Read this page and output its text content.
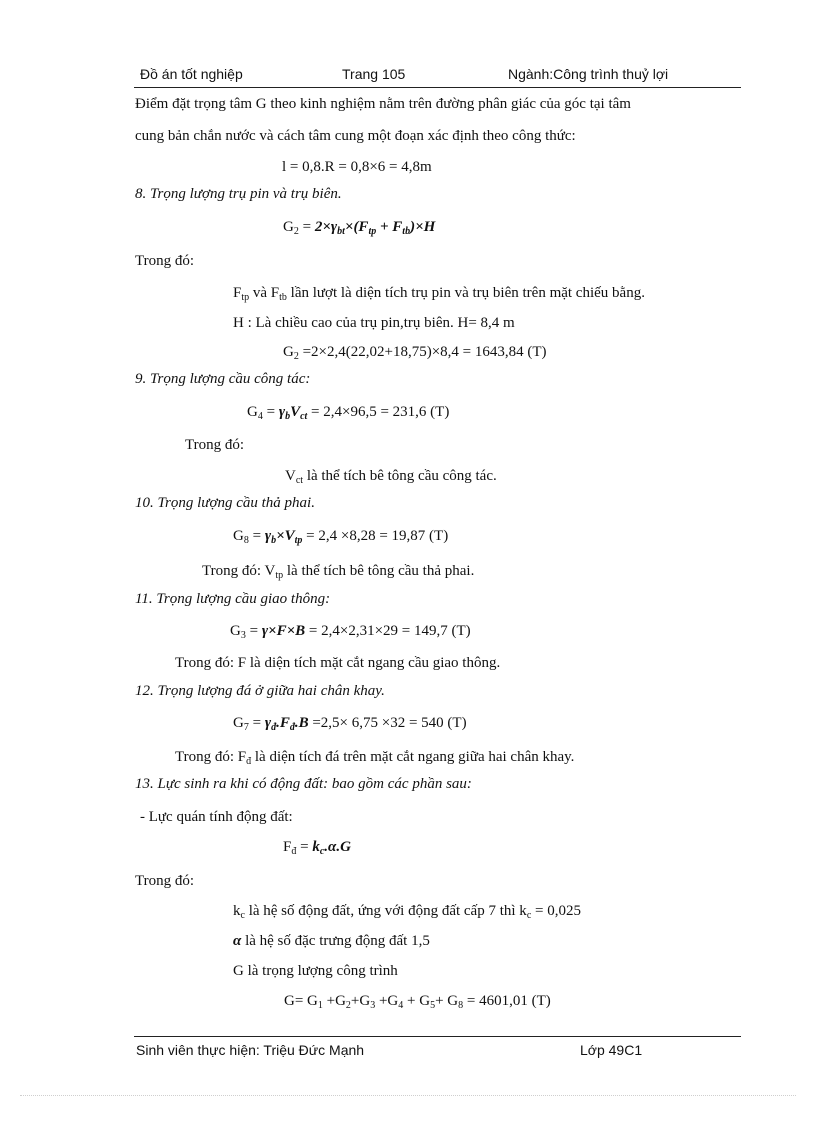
Đồ án tốt nghiệp	Trang 105	Ngành:Công trình thuỷ lợi
Điểm đặt trọng tâm G theo kinh nghiệm nằm trên đường phân giác của góc tại tâm
cung bản chắn nước và cách tâm cung một đoạn xác định theo công thức:
l = 0,8.R = 0,8×6 = 4,8m
8. Trọng lượng trụ pin và trụ biên.
$G_2 = 2\times\gamma_{bt}\times(F_{tp} + F_{tb})\times H$
Trong đó:
$F_{tp}$ và $F_{tb}$ lần lượt là diện tích trụ pin và trụ biên trên mặt chiếu bằng.
H : Là chiều cao của trụ pin,trụ biên. H= 8,4 m
$G_2 =2\times 2,4(22,02+18,75)\times 8,4 = 1643,84$ (T)
9. Trọng lượng cầu công tác:
$G_4 = \gamma_bV_{ct} = 2,4\times 96,5 = 231,6$ (T)
Trong đó:
$V_{ct}$ là thể tích bê tông cầu công tác.
10. Trọng lượng cầu thả phai.
$G_8 = \gamma_b\times V_{tp} = 2,4 \times 8,28 = 19,87$ (T)
Trong đó: $V_{tp}$ là thể tích bê tông cầu thả phai.
11. Trọng lượng cầu giao thông:
$G_3 = \gamma\times F\times B = 2,4\times 2,31\times 29 = 149,7$ (T)
Trong đó: F là diện tích mặt cắt ngang cầu giao thông.
12. Trọng lượng đá ở giữa hai chân khay.
$G_7 = \gamma_đ.F_đ.B =2,5\times 6,75 \times 32 = 540$ (T)
Trong đó: $F_đ$ là diện tích đá trên mặt cắt ngang giữa hai chân khay.
13. Lực sinh ra khi có động đất: bao gồm các phần sau:
- Lực quán tính động đất:
$F_đ = k_c.\alpha.G$
Trong đó:
$k_c$ là hệ số động đất, ứng với động đất cấp 7 thì $k_c = 0,025$
α là hệ số đặc trưng động đất 1,5
G là trọng lượng công trình
$G= G_1 +G_2+G_3 +G_4 + G_5+ G_8 = 4601,01$ (T)
Sinh viên thực hiện: Triệu Đức Mạnh	Lớp 49C1
